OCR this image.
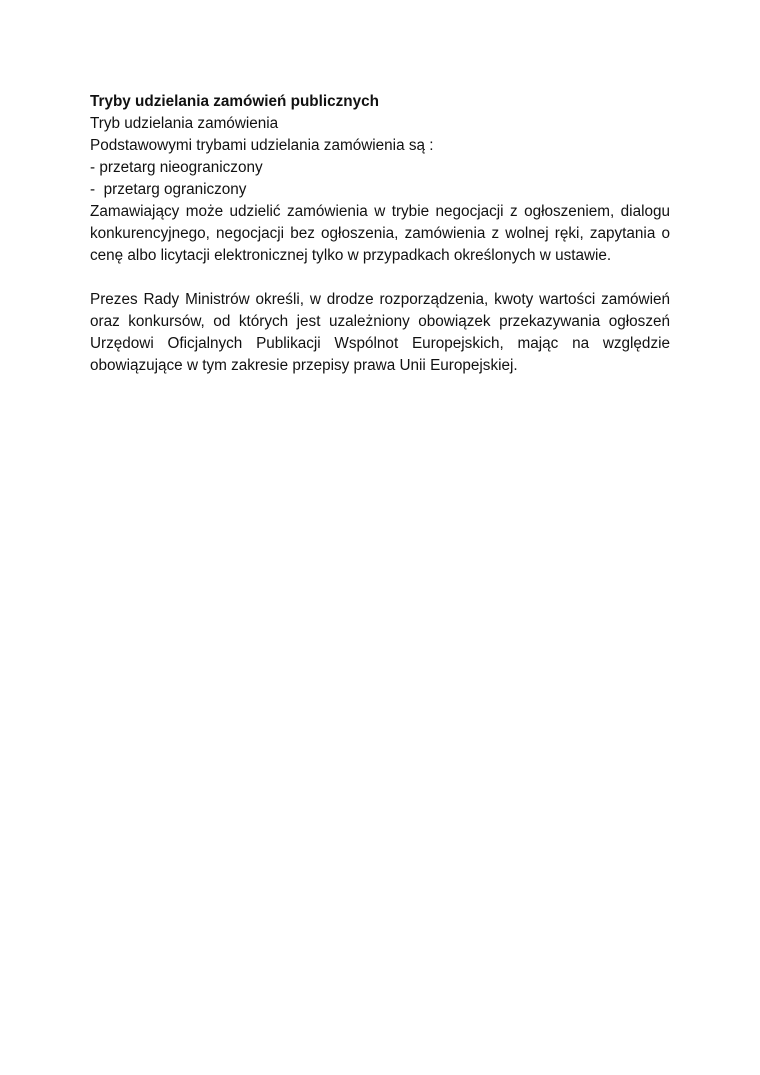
Tryby udzielania zamówień publicznych

Tryb udzielania zamówienia

Podstawowymi trybami udzielania zamówienia są :

- przetarg nieograniczony

-  przetarg ograniczony

Zamawiający może udzielić zamówienia w trybie negocjacji z ogłoszeniem, dialogu konkurencyjnego, negocjacji bez ogłoszenia, zamówienia z wolnej ręki, zapytania o cenę albo licytacji elektronicznej tylko w przypadkach określonych w ustawie.

Prezes Rady Ministrów określi, w drodze rozporządzenia, kwoty wartości zamówień oraz konkursów, od których jest uzależniony obowiązek przekazywania ogłoszeń Urzędowi Oficjalnych Publikacji Wspólnot Europejskich, mając na względzie obowiązujące w tym zakresie przepisy prawa Unii Europejskiej.
